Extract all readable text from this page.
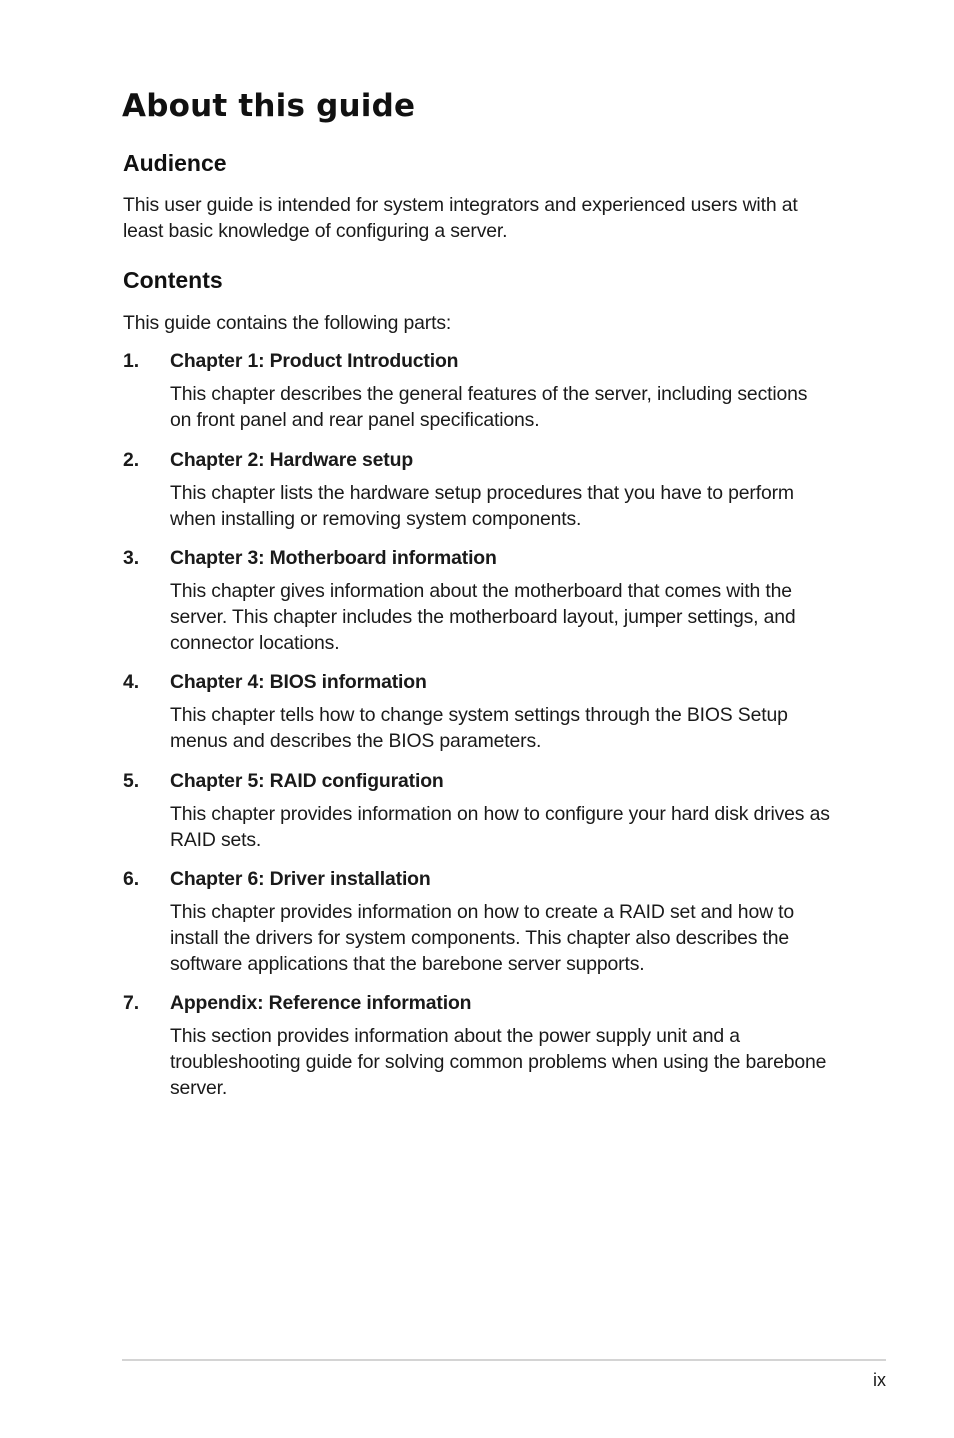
About this guide
Audience

This user guide is intended for system integrators and experienced users with at least basic knowledge of configuring a server.

Contents

This guide contains the following parts:

1. Chapter 1: Product Introduction

This chapter describes the general features of the server, including sections on front panel and rear panel specifications.

2. Chapter 2: Hardware setup

This chapter lists the hardware setup procedures that you have to perform when installing or removing system components.

3. Chapter 3: Motherboard information

This chapter gives information about the motherboard that comes with the server. This chapter includes the motherboard layout, jumper settings, and connector locations.

4. Chapter 4: BIOS information

This chapter tells how to change system settings through the BIOS Setup menus and describes the BIOS parameters.

5. Chapter 5: RAID configuration

This chapter provides information on how to configure your hard disk drives as RAID sets.

6. Chapter 6: Driver installation

This chapter provides information on how to create a RAID set and how to install the drivers for system components. This chapter also describes the software applications that the barebone server supports.

7. Appendix: Reference information

This section provides information about the power supply unit and a troubleshooting guide for solving common problems when using the barebone server.

ix
